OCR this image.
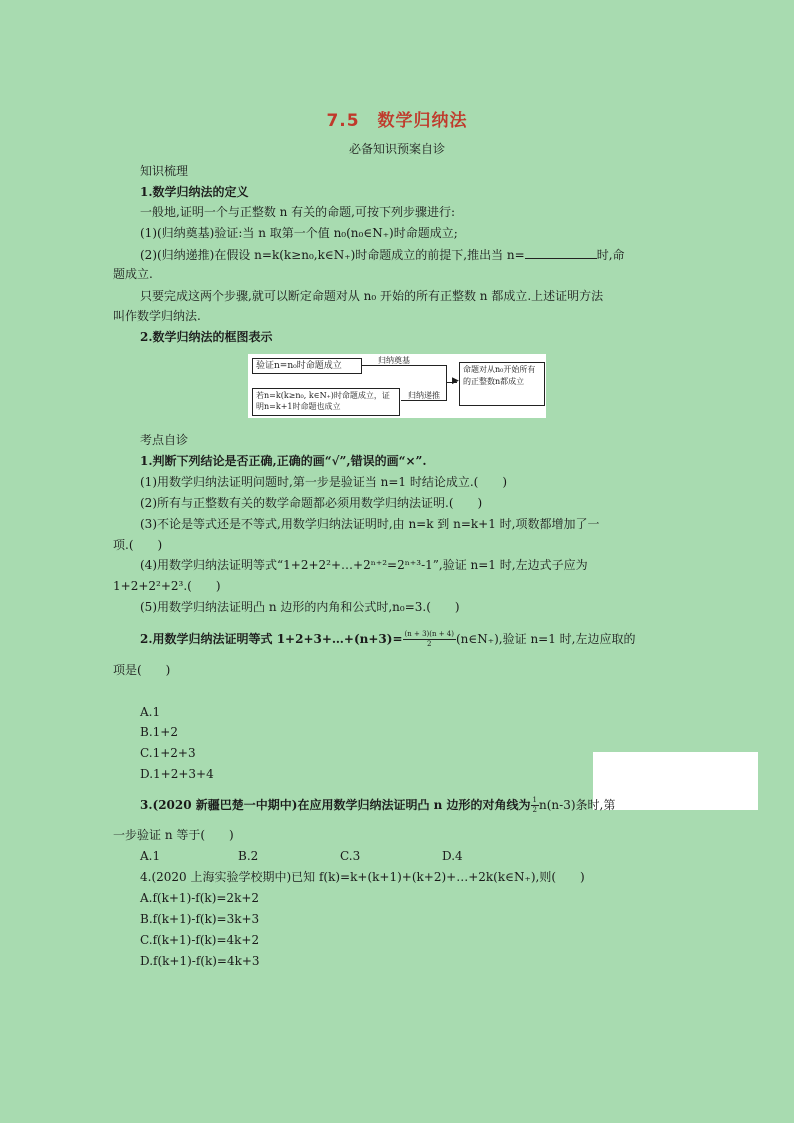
7.5　数学归纳法
必备知识预案自诊
知识梳理
1.数学归纳法的定义
一般地,证明一个与正整数 n 有关的命题,可按下列步骤进行:
(1)(归纳奠基)验证:当 n 取第一个值 n₀(n₀∈N₊)时命题成立;
(2)(归纳递推)在假设 n=k(k≥n₀,k∈N₊)时命题成立的前提下,推出当 n=	时,命
题成立.
只要完成这两个步骤,就可以断定命题对从 n₀ 开始的所有正整数 n 都成立.上述证明方法
叫作数学归纳法.
2.数学归纳法的框图表示
验证n=n₀时命题成立
若n=k(k≥n₀, k∈N₊)时命题成立，证明n=k+1时命题也成立
命题对从n₀开始所有的正整数n都成立
归纳奠基
归纳递推
▶
考点自诊
1.判断下列结论是否正确,正确的画“√”,错误的画“×”.
(1)用数学归纳法证明问题时,第一步是验证当 n=1 时结论成立.(　　)
(2)所有与正整数有关的数学命题都必须用数学归纳法证明.(　　)
(3)不论是等式还是不等式,用数学归纳法证明时,由 n=k 到 n=k+1 时,项数都增加了一
项.(　　)
(4)用数学归纳法证明等式“1+2+2²+…+2ⁿ⁺²=2ⁿ⁺³-1”,验证 n=1 时,左边式子应为
1+2+2²+2³.(　　)
(5)用数学归纳法证明凸 n 边形的内角和公式时,n₀=3.(　　)
2.用数学归纳法证明等式 1+2+3+…+(n+3)= $\frac{(n + 3)(n + 4)}{2}$ (n∈N₊),验证 n=1 时,左边应取的
项是(　　)
A.1
B.1+2
C.1+2+3
D.1+2+3+4
3.(2020 新疆巴楚一中期中)在应用数学归纳法证明凸 n 边形的对角线为 $\frac{1}{2} n(n-3)$条时,第
一步验证 n 等于(　　)
A.1	B.2	C.3	D.4
4.(2020 上海实验学校期中)已知 f(k)=k+(k+1)+(k+2)+…+2k(k∈N₊),则(　　)
A.f(k+1)-f(k)=2k+2
B.f(k+1)-f(k)=3k+3
C.f(k+1)-f(k)=4k+2
D.f(k+1)-f(k)=4k+3
